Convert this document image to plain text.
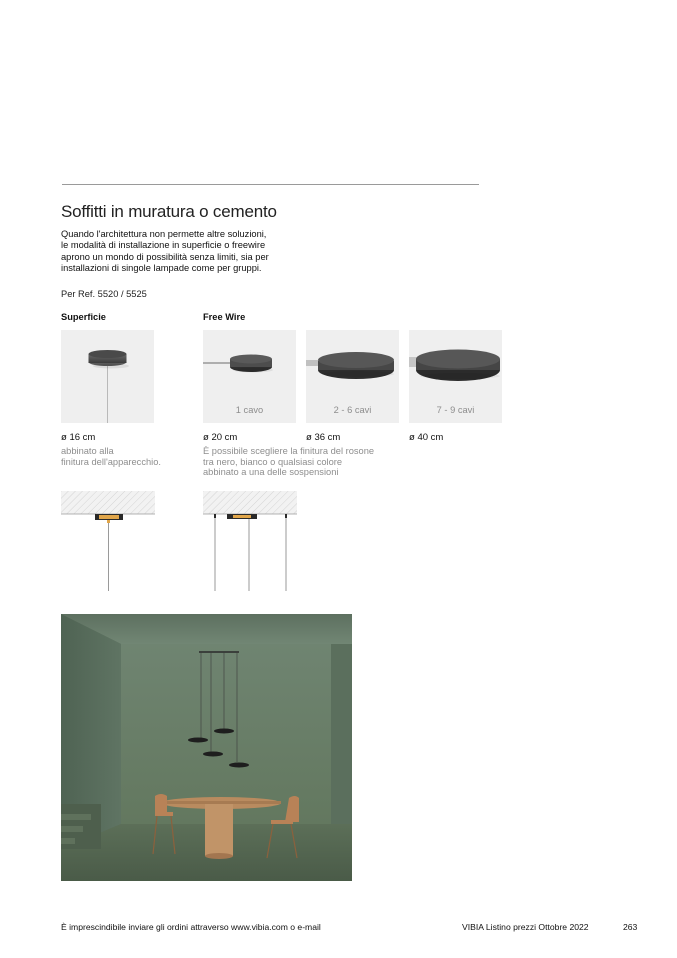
Soffitti in muratura o cemento
Quando l'architettura non permette altre soluzioni,
le modalità di installazione in superficie o freewire
aprono un mondo di possibilità senza limiti, sia per
installazioni di singole lampade come per gruppi.
Per Ref. 5520 / 5525
Superficie	Free Wire
1 cavo	2 - 6 cavi	7 - 9 cavi
ø 16 cm	ø 20 cm	ø 36 cm	ø 40 cm
abbinato alla
finitura dell'apparecchio.
È possibile scegliere la finitura del rosone
tra nero, bianco o qualsiasi colore
abbinato a una delle sospensioni
È imprescindibile inviare gli ordini attraverso www.vibia.com o e-mail	VIBIA Listino prezzi Ottobre 2022	263
